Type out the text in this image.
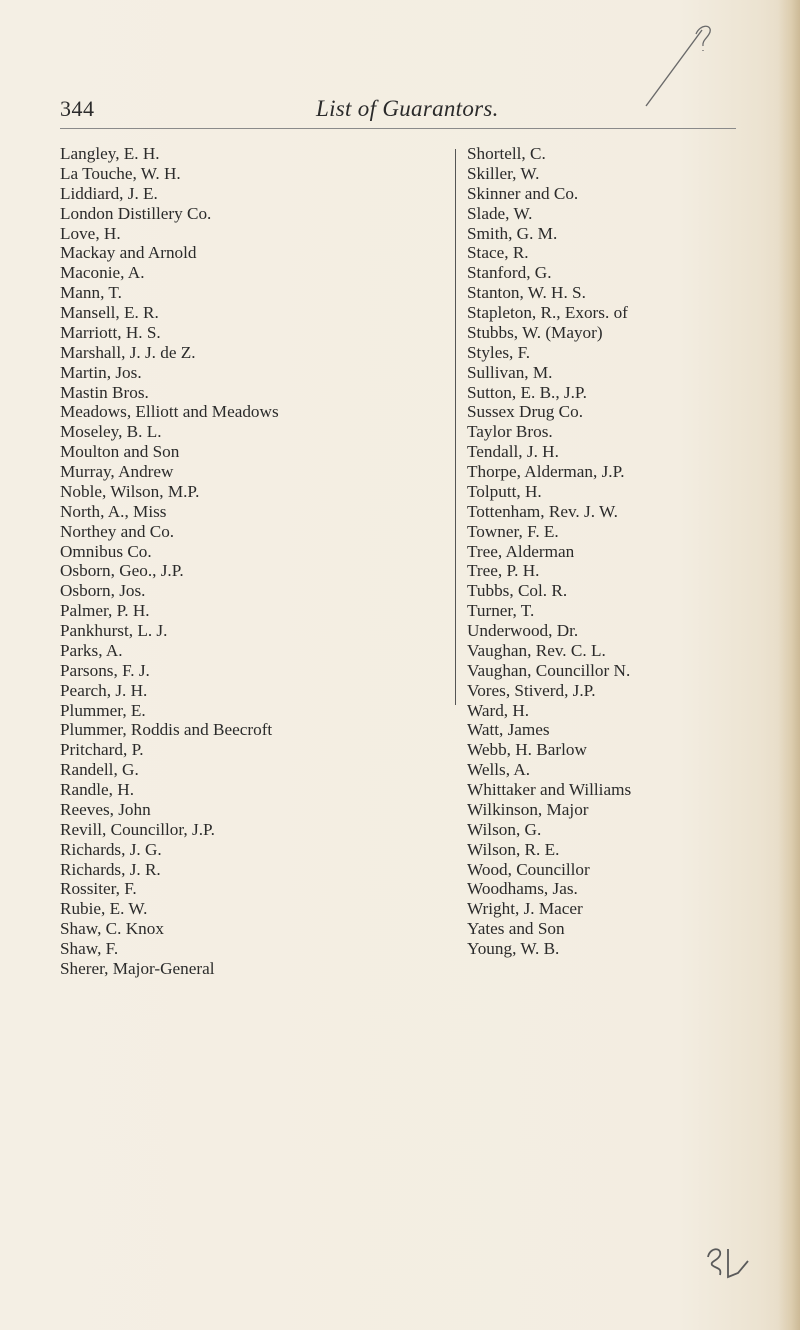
344	List of Guarantors.
Langley, E. H.
La Touche, W. H.
Liddiard, J. E.
London Distillery Co.
Love, H.
Mackay and Arnold
Maconie, A.
Mann, T.
Mansell, E. R.
Marriott, H. S.
Marshall, J. J. de Z.
Martin, Jos.
Mastin Bros.
Meadows, Elliott and Meadows
Moseley, B. L.
Moulton and Son
Murray, Andrew
Noble, Wilson, M.P.
North, A., Miss
Northey and Co.
Omnibus Co.
Osborn, Geo., J.P.
Osborn, Jos.
Palmer, P. H.
Pankhurst, L. J.
Parks, A.
Parsons, F. J.
Pearch, J. H.
Plummer, E.
Plummer, Roddis and Beecroft
Pritchard, P.
Randell, G.
Randle, H.
Reeves, John
Revill, Councillor, J.P.
Richards, J. G.
Richards, J. R.
Rossiter, F.
Rubie, E. W.
Shaw, C. Knox
Shaw, F.
Sherer, Major-General
Shortell, C.
Skiller, W.
Skinner and Co.
Slade, W.
Smith, G. M.
Stace, R.
Stanford, G.
Stanton, W. H. S.
Stapleton, R., Exors. of
Stubbs, W. (Mayor)
Styles, F.
Sullivan, M.
Sutton, E. B., J.P.
Sussex Drug Co.
Taylor Bros.
Tendall, J. H.
Thorpe, Alderman, J.P.
Tolputt, H.
Tottenham, Rev. J. W.
Towner, F. E.
Tree, Alderman
Tree, P. H.
Tubbs, Col. R.
Turner, T.
Underwood, Dr.
Vaughan, Rev. C. L.
Vaughan, Councillor N.
Vores, Stiverd, J.P.
Ward, H.
Watt, James
Webb, H. Barlow
Wells, A.
Whittaker and Williams
Wilkinson, Major
Wilson, G.
Wilson, R. E.
Wood, Councillor
Woodhams, Jas.
Wright, J. Macer
Yates and Son
Young, W. B.
